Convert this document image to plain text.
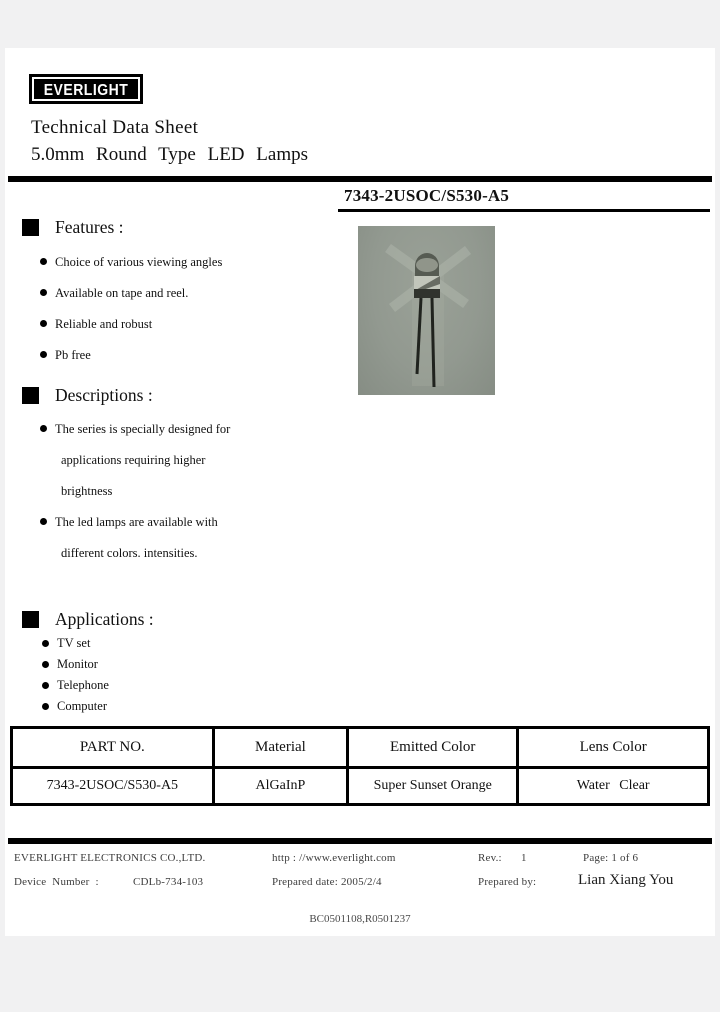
EVERLIGHT
Technical Data Sheet
5.0mm Round Type LED Lamps
7343-2USOC/S530-A5
Features :
Choice of various viewing angles
Available on tape and reel.
Reliable and robust
Pb free
Descriptions :
The series is specially designed for
applications requiring higher
brightness
The led lamps are available with
different colors. intensities.
Applications :
TV set
Monitor
Telephone
Computer
PART NO.	Material	Emitted Color	Lens Color
7343-2USOC/S530-A5	AlGaInP	Super Sunset Orange	Water Clear
EVERLIGHT ELECTRONICS CO.,LTD.	http : //www.everlight.com	Rev.: 1	Page: 1 of 6
Device Number :	CDLb-734-103	Prepared date: 2005/2/4	Prepared by:	Lian Xiang You
BC0501108,R0501237
